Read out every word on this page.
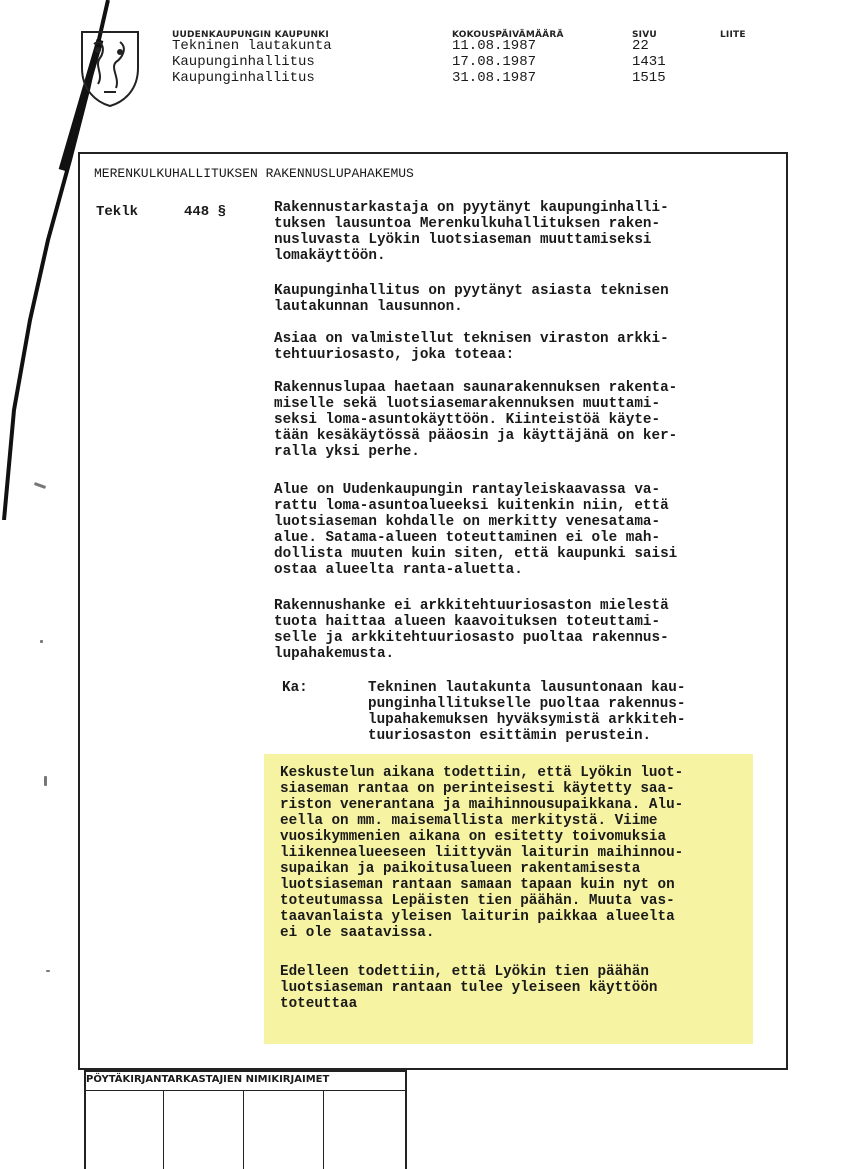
UUDENKAUPUNGIN KAUPUNKI	KOKOUSPÄIVÄMÄÄRÄ	SIVU	LIITE
Tekninen lautakunta	11.08.1987	22
Kaupunginhallitus	17.08.1987	1431
Kaupunginhallitus	31.08.1987	1515
MERENKULKUHALLITUKSEN RAKENNUSLUPAHAKEMUS
Teklk	448 §	Rakennustarkastaja on pyytänyt kaupunginhalli-
tuksen lausuntoa Merenkulkuhallituksen raken-
nusluvasta Lyökin luotsiaseman muuttamiseksi
lomakäyttöön.

Kaupunginhallitus on pyytänyt asiasta teknisen
lautakunnan lausunnon.

Asiaa on valmistellut teknisen viraston arkki-
tehtuuriosasto, joka toteaa:

Rakennuslupaa haetaan saunarakennuksen rakenta-
miselle sekä luotsiasemarakennuksen muuttami-
seksi loma-asuntokäyttöön. Kiinteistöä käyte-
tään kesäkäytössä pääosin ja käyttäjänä on ker-
ralla yksi perhe.

Alue on Uudenkaupungin rantayleiskaavassa va-
rattu loma-asuntoalueeksi kuitenkin niin, että
luotsiaseman kohdalle on merkitty venesatama-
alue. Satama-alueen toteuttaminen ei ole mah-
dollista muuten kuin siten, että kaupunki saisi
ostaa alueelta ranta-aluetta.

Rakennushanke ei arkkitehtuuriosaston mielestä
tuota haittaa alueen kaavoituksen toteuttami-
selle ja arkkitehtuuriosasto puoltaa rakennus-
lupahakemusta.

Ka:	Tekninen lautakunta lausuntonaan kau-
punginhallitukselle puoltaa rakennus-
lupahakemuksen hyväksymistä arkkiteh-
tuuriosaston esittämin perustein.

Keskustelun aikana todettiin, että Lyökin luot-
siaseman rantaa on perinteisesti käytetty saa-
riston venerantana ja maihinnousupaikkana. Alu-
eella on mm. maisemallista merkitystä. Viime
vuosikymmenien aikana on esitetty toivomuksia
liikennealueeseen liittyvän laiturin maihinnou-
supaikan ja paikoitusalueen rakentamisesta
luotsiaseman rantaan samaan tapaan kuin nyt on
toteutumassa Lepäisten tien päähän. Muuta vas-
taavanlaista yleisen laiturin paikkaa alueelta
ei ole saatavissa.

Edelleen todettiin, että Lyökin tien päähän
luotsiaseman rantaan tulee yleiseen käyttöön
toteuttaa

PÖYTÄKIRJANTARKASTAJIEN NIMIKIRJAIMET
